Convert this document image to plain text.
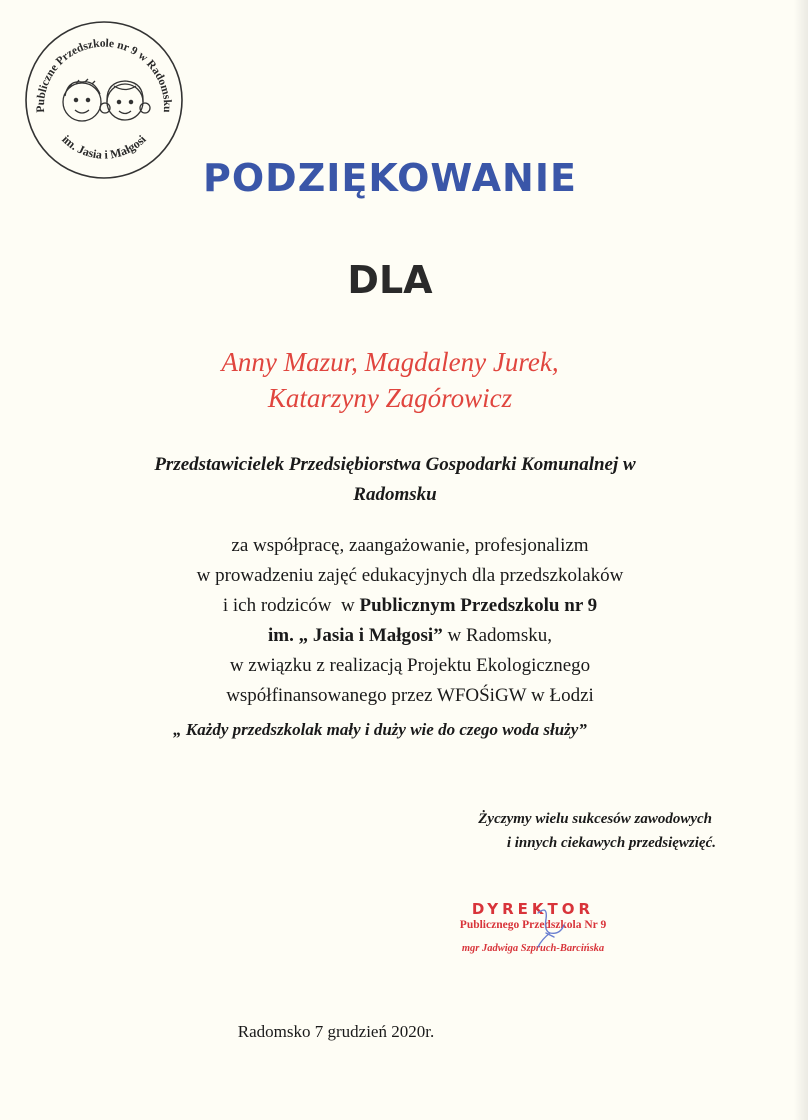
Publiczne Przedszkole nr 9 w Radomsku
im. Jasia i Małgosi
PODZIĘKOWANIE
DLA
Anny Mazur, Magdaleny Jurek,
Katarzyny Zagórowicz
Przedstawicielek Przedsiębiorstwa Gospodarki Komunalnej w
Radomsku
za współpracę, zaangażowanie, profesjonalizm
w prowadzeniu zajęć edukacyjnych dla przedszkolaków
i ich rodziców  w Publicznym Przedszkolu nr 9
im. „ Jasia i Małgosi” w Radomsku,
w związku z realizacją Projektu Ekologicznego
współfinansowanego przez WFOŚiGW w Łodzi
„ Każdy przedszkolak mały i duży wie do czego woda służy”
Życzymy wielu sukcesów zawodowych
i innych ciekawych przedsięwzięć.
DYREKTOR
Publicznego Przedszkola Nr 9
mgr Jadwiga Szpruch-Barcińska
Radomsko 7 grudzień 2020r.
